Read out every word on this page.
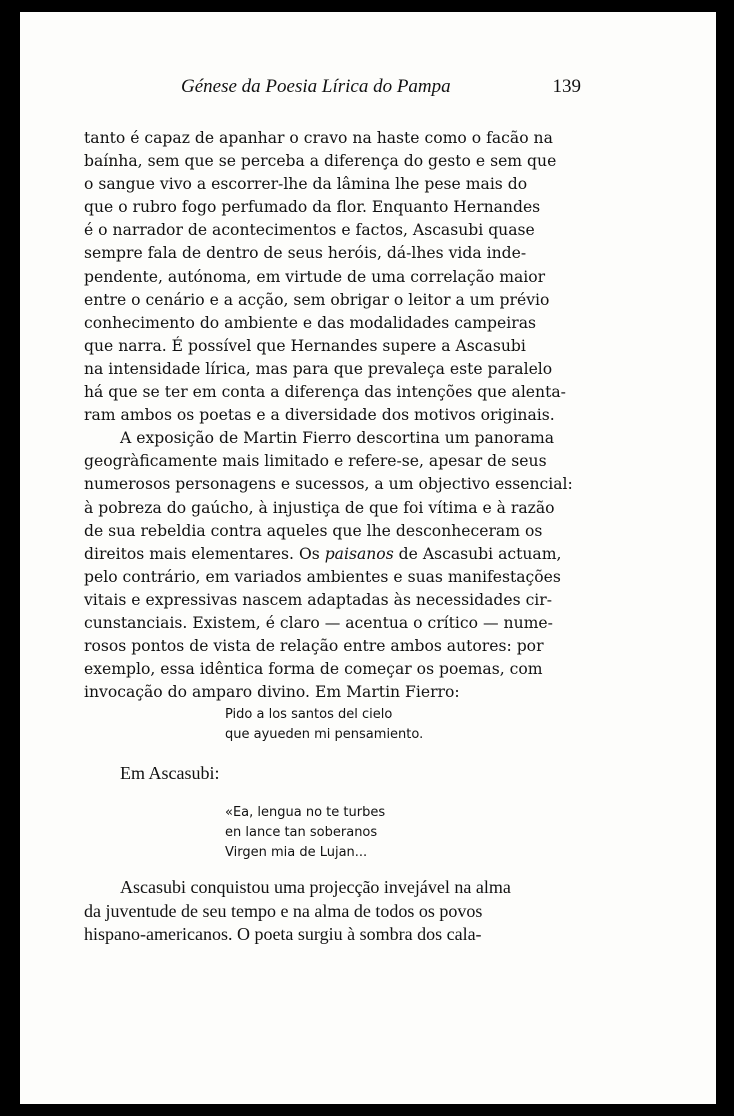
Génese da Poesia Lírica do Pampa	139

tanto é capaz de apanhar o cravo na haste como o facão na
baínha, sem que se perceba a diferença do gesto e sem que
o sangue vivo a escorrer-lhe da lâmina lhe pese mais do
que o rubro fogo perfumado da flor. Enquanto Hernandes
é o narrador de acontecimentos e factos, Ascasubi quase
sempre fala de dentro de seus heróis, dá-lhes vida inde-
pendente, autónoma, em virtude de uma correlação maior
entre o cenário e a acção, sem obrigar o leitor a um prévio
conhecimento do ambiente e das modalidades campeiras
que narra. É possível que Hernandes supere a Ascasubi
na intensidade lírica, mas para que prevaleça este paralelo
há que se ter em conta a diferença das intenções que alenta-
ram ambos os poetas e a diversidade dos motivos originais.

A exposição de Martin Fierro descortina um panorama
geogràficamente mais limitado e refere-se, apesar de seus
numerosos personagens e sucessos, a um objectivo essencial:
à pobreza do gaúcho, à injustiça de que foi vítima e à razão
de sua rebeldia contra aqueles que lhe desconheceram os
direitos mais elementares. Os paisanos de Ascasubi actuam,
pelo contrário, em variados ambientes e suas manifestações
vitais e expressivas nascem adaptadas às necessidades cir-
cunstanciais. Existem, é claro — acentua o crítico — nume-
rosos pontos de vista de relação entre ambos autores: por
exemplo, essa idêntica forma de começar os poemas, com
invocação do amparo divino. Em Martin Fierro:

Pido a los santos del cielo
que ayueden mi pensamiento.
Em Ascasubi:
«Ea, lengua no te turbes
en lance tan soberanos
Virgen mia de Lujan...
Ascasubi conquistou uma projecção invejável na alma
da juventude de seu tempo e na alma de todos os povos
hispano-americanos. O poeta surgiu à sombra dos cala-
